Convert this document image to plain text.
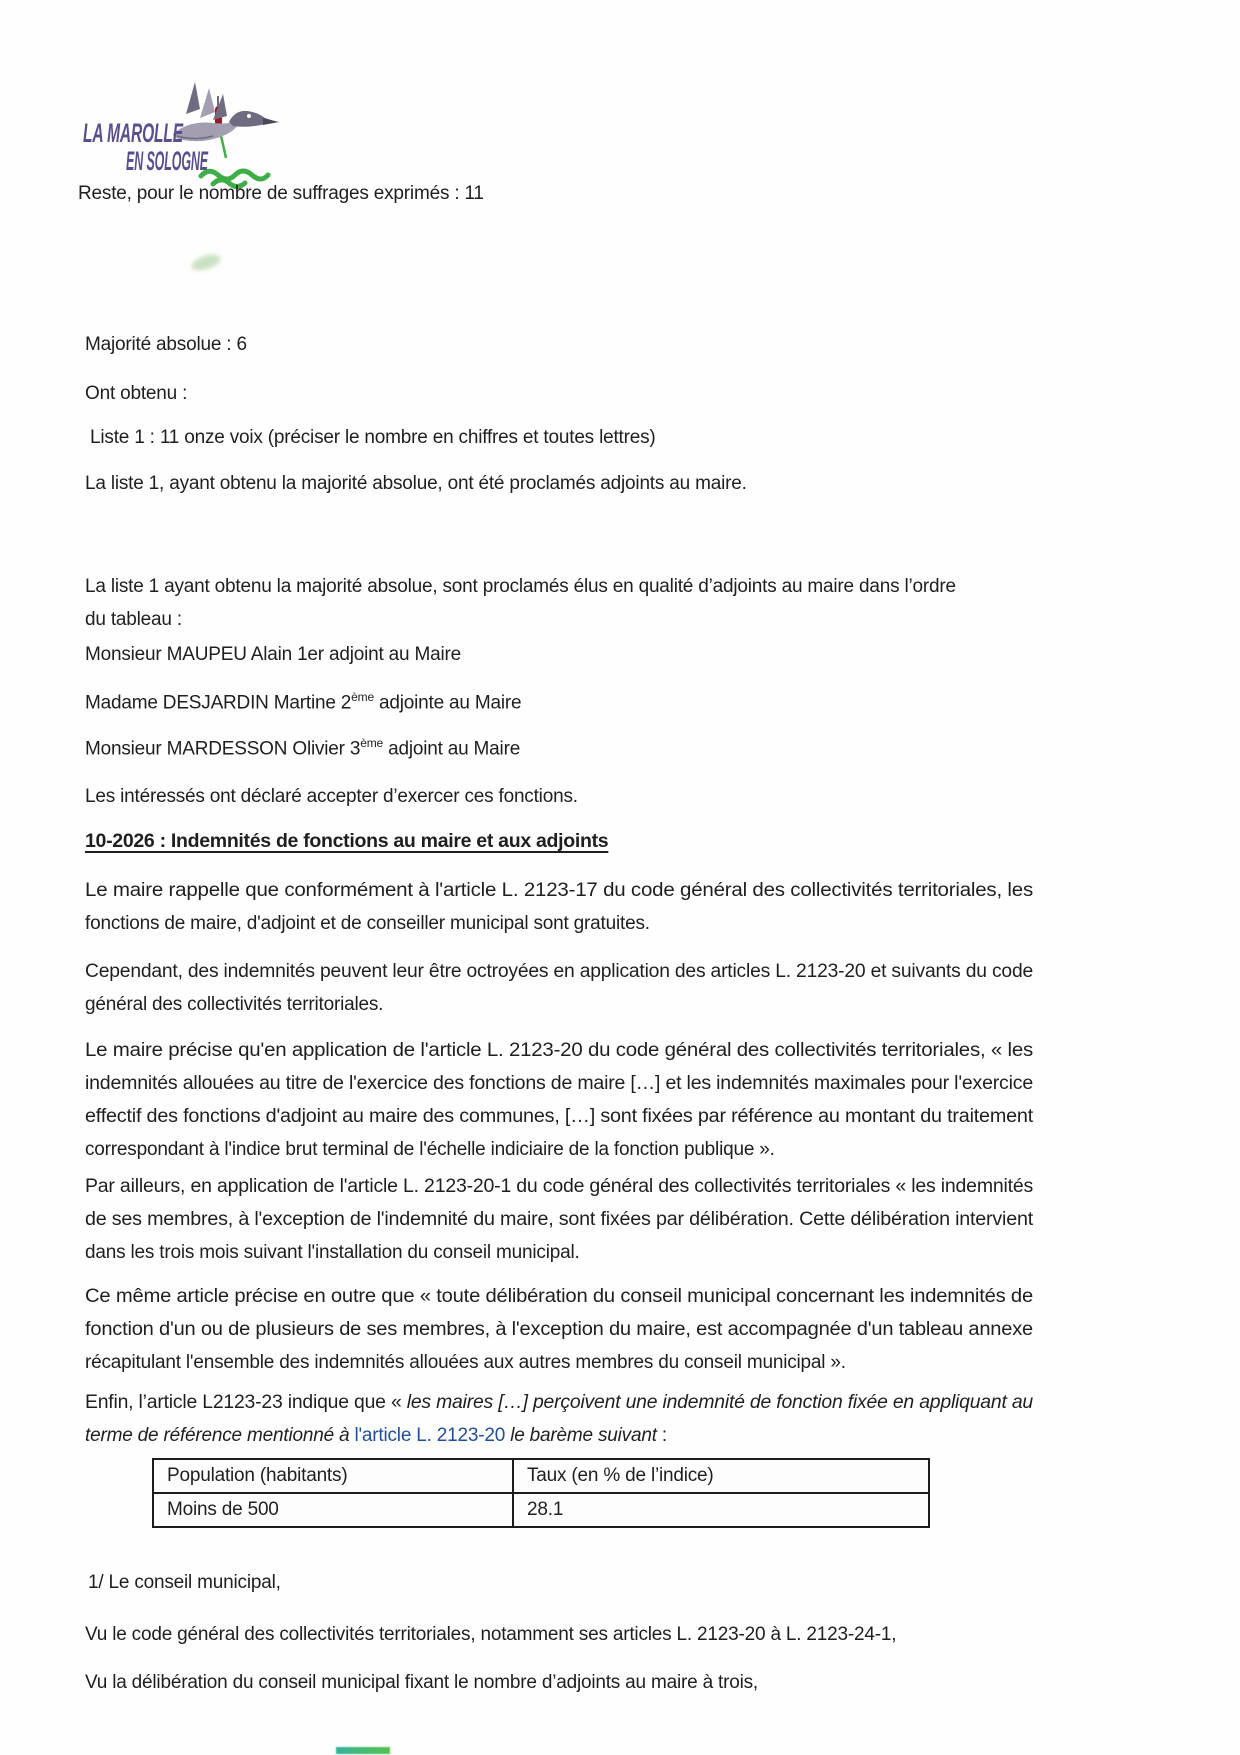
LA MAROLLE
EN SOLOGNE
Reste, pour le nombre de suffrages exprimés : 11
Majorité absolue : 6
Ont obtenu :
Liste 1 : 11 onze voix (préciser le nombre en chiffres et toutes lettres)
La liste 1, ayant obtenu la majorité absolue, ont été proclamés adjoints au maire.
La liste 1 ayant obtenu la majorité absolue, sont proclamés élus en qualité d’adjoints au maire dans l’ordre
du tableau :
Monsieur MAUPEU Alain 1er adjoint au Maire
Madame DESJARDIN Martine 2ème adjointe au Maire
Monsieur MARDESSON Olivier 3ème adjoint au Maire
Les intéressés ont déclaré accepter d’exercer ces fonctions.
10-2026 : Indemnités de fonctions au maire et aux adjoints
Le maire rappelle que conformément à l'article L. 2123-17 du code général des collectivités territoriales, les
fonctions de maire, d'adjoint et de conseiller municipal sont gratuites.
Cependant, des indemnités peuvent leur être octroyées en application des articles L. 2123-20 et suivants du code
général des collectivités territoriales.
Le maire précise qu'en application de l'article L. 2123-20 du code général des collectivités territoriales, « les
indemnités allouées au titre de l'exercice des fonctions de maire […] et les indemnités maximales pour l'exercice
effectif des fonctions d'adjoint au maire des communes, […] sont fixées par référence au montant du traitement
correspondant à l'indice brut terminal de l'échelle indiciaire de la fonction publique ».
Par ailleurs, en application de l'article L. 2123-20-1 du code général des collectivités territoriales « les indemnités
de ses membres, à l'exception de l'indemnité du maire, sont fixées par délibération. Cette délibération intervient
dans les trois mois suivant l'installation du conseil municipal.
Ce même article précise en outre que « toute délibération du conseil municipal concernant les indemnités de
fonction d'un ou de plusieurs de ses membres, à l'exception du maire, est accompagnée d'un tableau annexe
récapitulant l'ensemble des indemnités allouées aux autres membres du conseil municipal ».
Enfin, l’article L2123-23 indique que « les maires […] perçoivent une indemnité de fonction fixée en appliquant au
terme de référence mentionné à l'article L. 2123-20 le barème suivant :
Population (habitants)	Taux (en % de l’indice)
Moins de 500	28.1
1/ Le conseil municipal,
Vu le code général des collectivités territoriales, notamment ses articles L. 2123-20 à L. 2123-24-1,
Vu la délibération du conseil municipal fixant le nombre d’adjoints au maire à trois,
